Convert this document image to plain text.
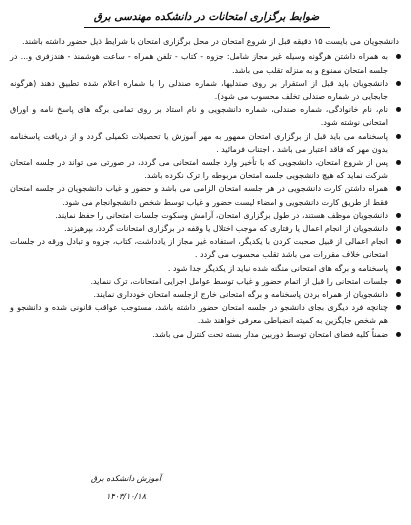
ضوابط برگزاری امتحانات در دانشکده مهندسی برق

دانشجویان می بایست ۱۵ دقیقه قبل از شروع امتحان در محل برگزاری امتحان با شرایط ذیل حضور داشته باشند.

به همراه داشتن هرگونه وسیله غیر مجاز شامل: جزوه - کتاب - تلفن همراه - ساعت هوشمند - هندزفری و... در جلسه امتحان ممنوع و به منزله تقلب می باشد.
دانشجویان باید قبل از استقرار بر روی صندلیها، شماره صندلی را با شماره اعلام شده تطبیق دهند (هرگونه جابجایی در شماره صندلی تخلف محسوب می شود).
نام، نام خانوادگی، شماره صندلی، شماره دانشجویی و نام استاد بر روی تمامی برگه های پاسخ نامه و اوراق امتحانی نوشته شود.
پاسخنامه می باید قبل از برگزاری امتحان ممهور به مهر آموزش یا تحصیلات تکمیلی گردد و از دریافت پاسخنامه بدون مهر که فاقد اعتبار می باشد ، اجتناب فرمائید .
پس از شروع امتحان، دانشجویی که با تأخیر وارد جلسه امتحانی می گردد، در صورتی می تواند در جلسه امتحان شرکت نماید که هیچ دانشجویی جلسه امتحان مربوطه را ترک نکرده باشد.
همراه داشتن کارت دانشجویی در هر جلسه امتحان الزامی می باشد و حضور و غیاب دانشجویان در جلسه امتحان فقط از طریق کارت دانشجویی و امضاء لیست حضور و غیاب توسط شخص دانشجوانجام می شود.
دانشجویان موظف هستند، در طول برگزاری امتحان، آرامش وسکوت جلسات امتحانی را حفظ نمایند.
دانشجویان از انجام اعمال یا رفتاری که موجب اختلال یا وقفه در برگزاری امتحانات گردد، بپرهیزند.
انجام اعمالی از قبیل صحبت کردن با یکدیگر، استفاده غیر مجاز از یادداشت، کتاب، جزوه و تبادل ورقه در جلسات امتحانی خلاف مقررات می باشد تقلب محسوب می گردد .
پاسخنامه و برگه های امتحانی منگنه شده نباید از یکدیگر جدا شود .
جلسات امتحانی را قبل از اتمام حضور و غیاب توسط عوامل اجرایی امتحانات، ترک ننماید.
دانشجویان از همراه بردن پاسخنامه و برگه امتحانی خارج ازجلسه امتحان خودداری نمایند.
چنانچه فرد دیگری بجای دانشجو در جلسه امتحان حضور داشته باشد، مستوجب عواقب قانونی شده و دانشجو و هم شخص جایگزین به کمیته انضباطی معرفی خواهند شد.
ضمناً کلیه فضای امتحان توسط دوربین مدار بسته تحت کنترل می باشد.
آموزش دانشکده برق
۱۴۰۳/۱۰/۱۸
